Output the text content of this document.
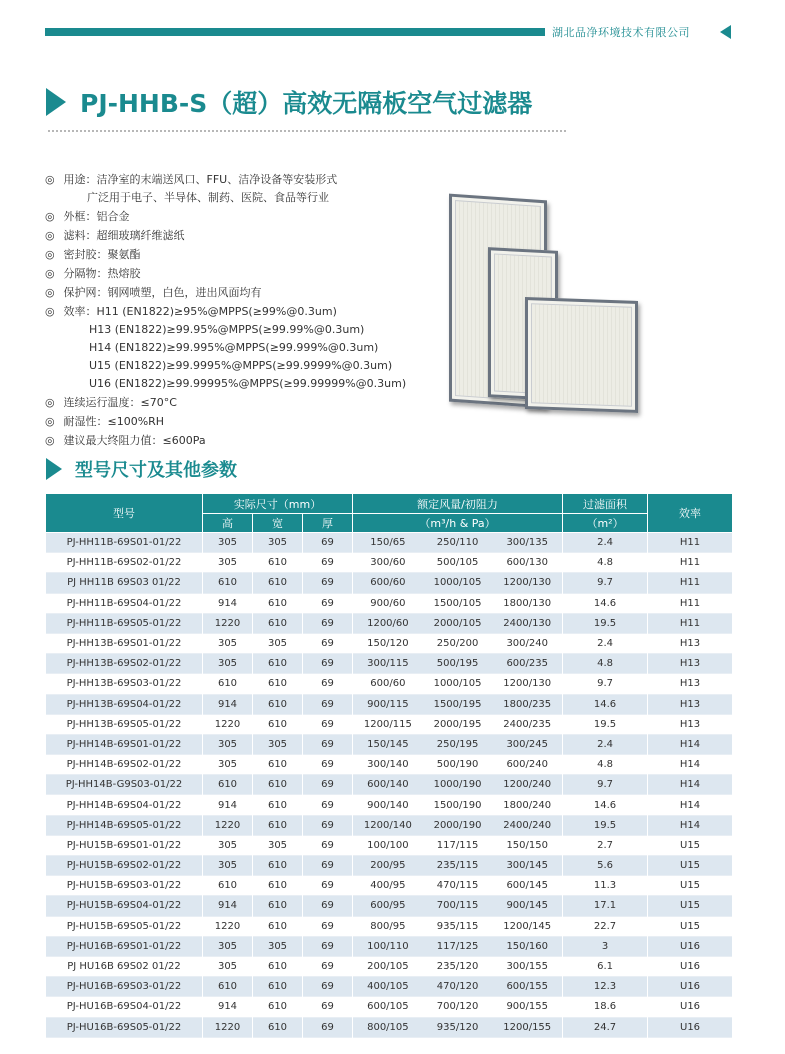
湖北品净环境技术有限公司
PJ-HHB-S（超）高效无隔板空气过滤器
◎ 用途：洁净室的末端送风口、FFU、洁净设备等安装形式
广泛用于电子、半导体、制药、医院、食品等行业
◎ 外框：铝合金
◎ 滤料：超细玻璃纤维滤纸
◎ 密封胶：聚氨酯
◎ 分隔物：热熔胶
◎ 保护网：钢网喷塑，白色，进出风面均有
◎ 效率：H11 (EN1822)≥95%@MPPS(≥99%@0.3um)
H13 (EN1822)≥99.95%@MPPS(≥99.99%@0.3um)
H14 (EN1822)≥99.995%@MPPS(≥99.999%@0.3um)
U15 (EN1822)≥99.9995%@MPPS(≥99.9999%@0.3um)
U16 (EN1822)≥99.99995%@MPPS(≥99.99999%@0.3um)
◎ 连续运行温度：≤70°C
◎ 耐湿性：≤100%RH
◎ 建议最大终阻力值：≤600Pa
型号尺寸及其他参数
型号	实际尺寸（mm）			额定风量/初阻力	过滤面积	效率
	高	宽	厚	（m³/h & Pa）	（m²）	
PJ-HH11B-69S01-01/22	305	305	69	150/65 250/110 300/135	2.4	H11
PJ-HH11B-69S02-01/22	305	610	69	300/60 500/105 600/130	4.8	H11
PJ HH11B 69S03 01/22	610	610	69	600/60 1000/105 1200/130	9.7	H11
PJ-HH11B-69S04-01/22	914	610	69	900/60 1500/105 1800/130	14.6	H11
PJ-HH11B-69S05-01/22	1220	610	69	1200/60 2000/105 2400/130	19.5	H11
PJ-HH13B-69S01-01/22	305	305	69	150/120 250/200 300/240	2.4	H13
PJ-HH13B-69S02-01/22	305	610	69	300/115 500/195 600/235	4.8	H13
PJ-HH13B-69S03-01/22	610	610	69	600/60 1000/105 1200/130	9.7	H13
PJ-HH13B-69S04-01/22	914	610	69	900/115 1500/195 1800/235	14.6	H13
PJ-HH13B-69S05-01/22	1220	610	69	1200/115 2000/195 2400/235	19.5	H13
PJ-HH14B-69S01-01/22	305	305	69	150/145 250/195 300/245	2.4	H14
PJ-HH14B-69S02-01/22	305	610	69	300/140 500/190 600/240	4.8	H14
PJ-HH14B-G9S03-01/22	610	610	69	600/140 1000/190 1200/240	9.7	H14
PJ-HH14B-69S04-01/22	914	610	69	900/140 1500/190 1800/240	14.6	H14
PJ-HH14B-69S05-01/22	1220	610	69	1200/140 2000/190 2400/240	19.5	H14
PJ-HU15B-69S01-01/22	305	305	69	100/100 117/115 150/150	2.7	U15
PJ-HU15B-69S02-01/22	305	610	69	200/95 235/115 300/145	5.6	U15
PJ-HU15B-69S03-01/22	610	610	69	400/95 470/115 600/145	11.3	U15
PJ-HU15B-69S04-01/22	914	610	69	600/95 700/115 900/145	17.1	U15
PJ-HU15B-69S05-01/22	1220	610	69	800/95 935/115 1200/145	22.7	U15
PJ-HU16B-69S01-01/22	305	305	69	100/110 117/125 150/160	3	U16
PJ HU16B 69S02 01/22	305	610	69	200/105 235/120 300/155	6.1	U16
PJ-HU16B-69S03-01/22	610	610	69	400/105 470/120 600/155	12.3	U16
PJ-HU16B-69S04-01/22	914	610	69	600/105 700/120 900/155	18.6	U16
PJ-HU16B-69S05-01/22	1220	610	69	800/105 935/120 1200/155	24.7	U16
